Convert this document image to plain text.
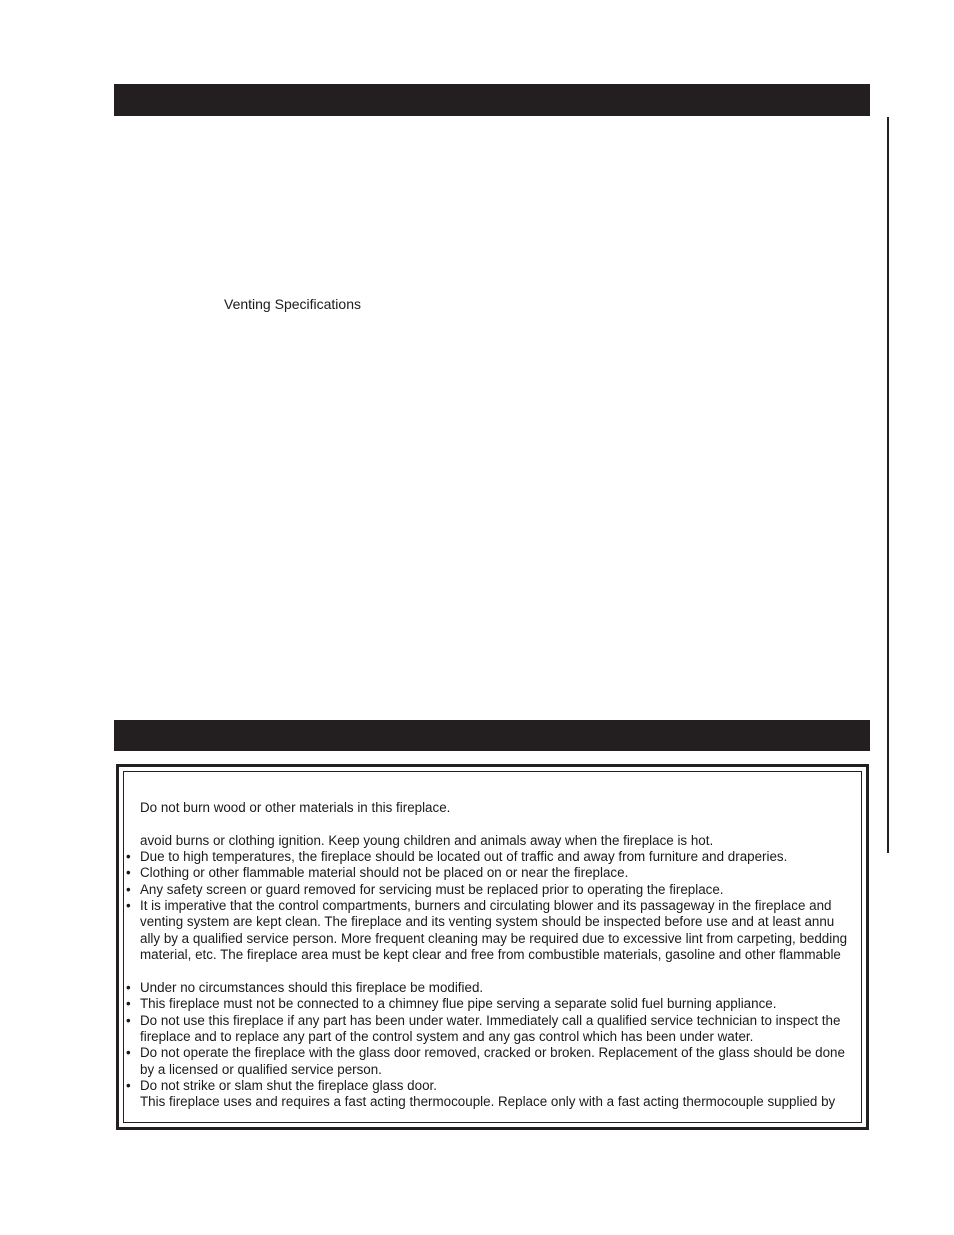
Venting Specifications
Do not burn wood or other materials in this fireplace.
avoid burns or clothing ignition. Keep young children and animals away when the fireplace is hot.
• Due to high temperatures, the fireplace should be located out of traffic and away from furniture and draperies.
• Clothing or other flammable material should not be placed on or near the fireplace.
• Any safety screen or guard removed for servicing must be replaced prior to operating the fireplace.
• It is imperative that the control compartments, burners and circulating blower and its passageway in the fireplace and
venting system are kept clean. The fireplace and its venting system should be inspected before use and at least annu
ally by a qualified service person. More frequent cleaning may be required due to excessive lint from carpeting, bedding
material, etc. The fireplace area must be kept clear and free from combustible materials, gasoline and other flammable
• Under no circumstances should this fireplace be modified.
• This fireplace must not be connected to a chimney flue pipe serving a separate solid fuel burning appliance.
• Do not use this fireplace if any part has been under water. Immediately call a qualified service technician to inspect the
fireplace and to replace any part of the control system and any gas control which has been under water.
• Do not operate the fireplace with the glass door removed, cracked or broken. Replacement of the glass should be done
by a licensed or qualified service person.
• Do not strike or slam shut the fireplace glass door.
This fireplace uses and requires a fast acting thermocouple. Replace only with a fast acting thermocouple supplied by
